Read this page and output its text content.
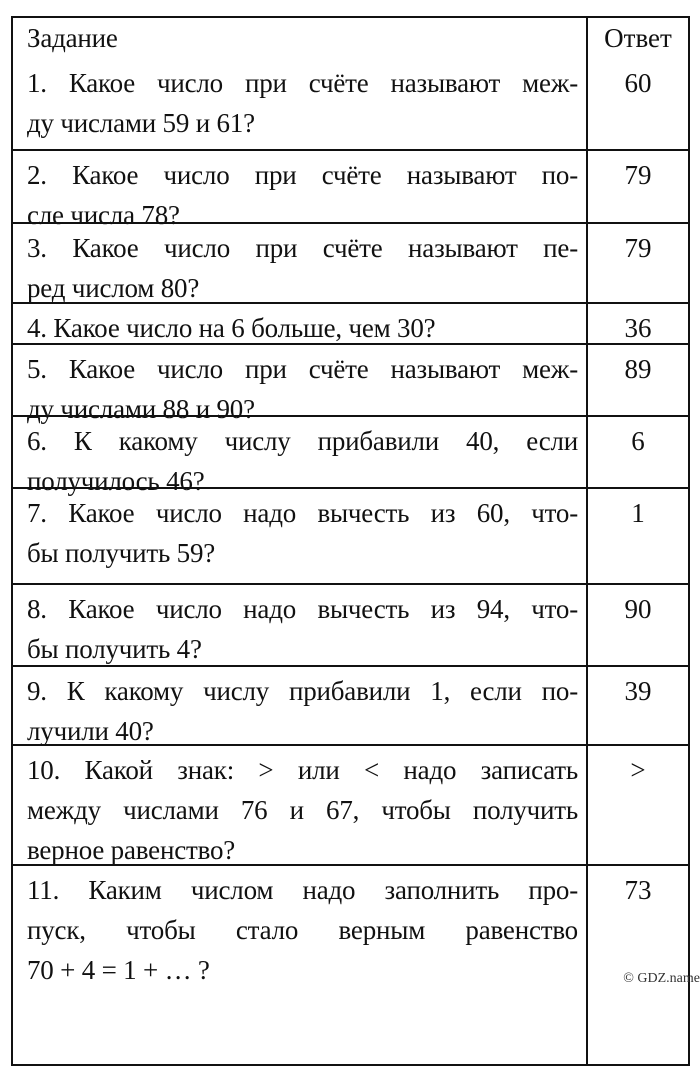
Задание	Ответ
1. Какое число при счёте называют меж-
ду числами 59 и 61?
60
2. Какое число при счёте называют по-
сле числа 78?
79
3. Какое число при счёте называют пе-
ред числом 80?
79
4. Какое число на 6 больше, чем 30?	36
5. Какое число при счёте называют меж-
ду числами 88 и 90?
89
6. К какому числу прибавили 40, если
получилось 46?
6
7. Какое число надо вычесть из 60, что-
бы получить 59?
1
8. Какое число надо вычесть из 94, что-
бы получить 4?
90
9. К какому числу прибавили 1, если по-
лучили 40?
39
10. Какой знак: > или < надо записать
между числами 76 и 67, чтобы получить
верное равенство?
>
11. Каким числом надо заполнить про-
пуск, чтобы стало верным равенство
70 + 4 = 1 + … ?
73
© GDZ.name
